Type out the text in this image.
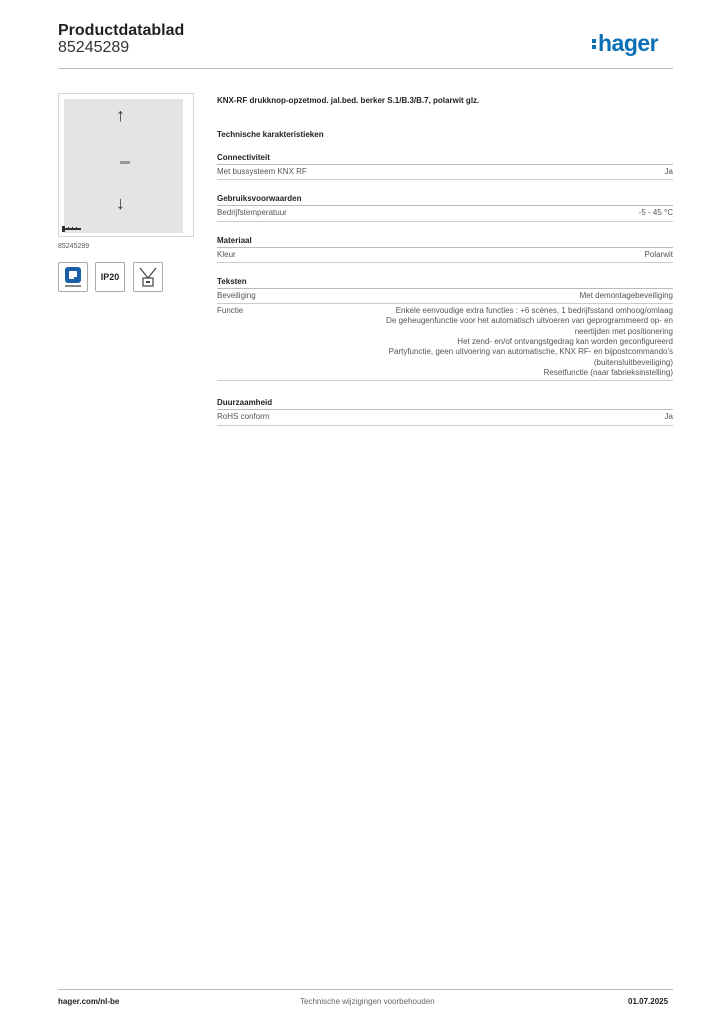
Productdatablad
85245289	hager
↑
↓
85245289
IP20
KNX-RF drukknop-opzetmod. jal.bed. berker S.1/B.3/B.7, polarwit glz.
Technische karakteristieken
Connectiviteit
Met bussysteem KNX RF	Ja
Gebruiksvoorwaarden
Bedrijfstemperatuur	-5 - 45 °C
Materiaal
Kleur	Polarwit
Teksten
Beveiliging	Met demontagebeveiliging
Functie	Enkele eenvoudige extra functies : +6 scènes, 1 bedrijfsstand omhoog/omlaag
De geheugenfunctie voor het automatisch uitvoeren van geprogrammeerd op- en
neertijden met positionering
Het zend- en/of ontvangstgedrag kan worden geconfigureerd
Partyfunctie, geen uitvoering van automatische, KNX RF- en bijpostcommando's
(buitensluitbeveiliging)
Resetfunctie (naar fabrieksinstelling)
Duurzaamheid
RoHS conform	Ja
hager.com/nl-be	Technische wijzigingen voorbehouden	01.07.2025
